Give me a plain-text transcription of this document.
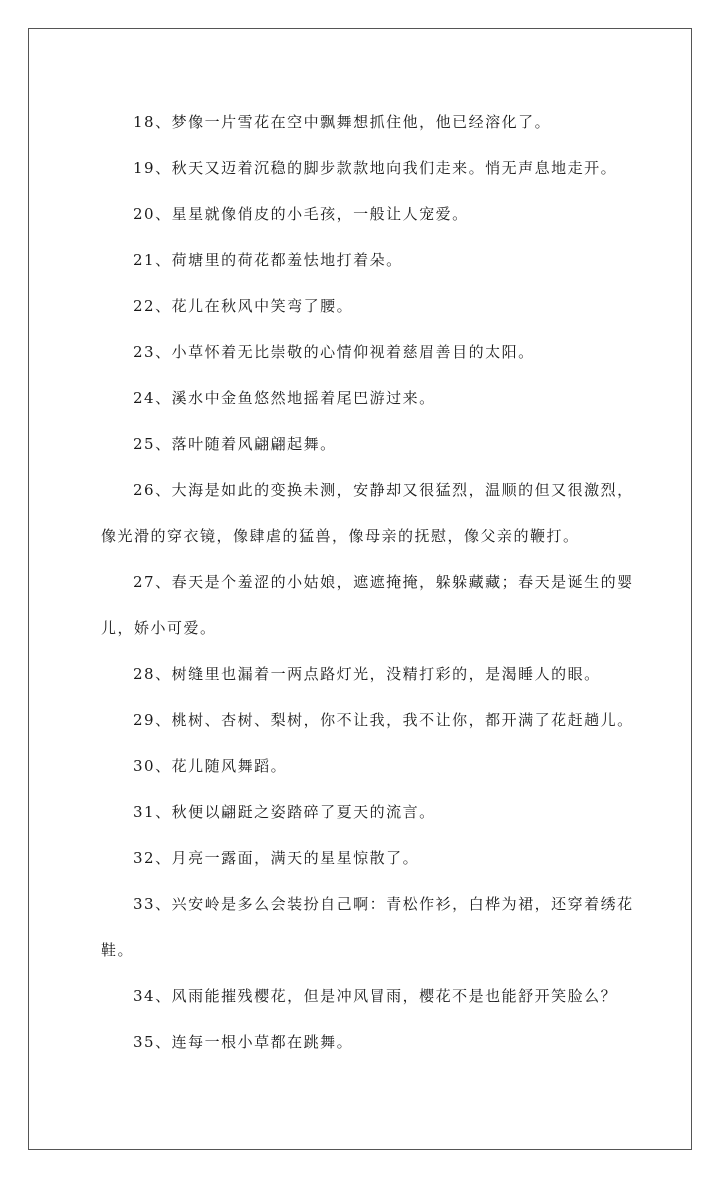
18、梦像一片雪花在空中飘舞想抓住他，他已经溶化了。

19、秋天又迈着沉稳的脚步款款地向我们走来。悄无声息地走开。

20、星星就像俏皮的小毛孩，一般让人宠爱。

21、荷塘里的荷花都羞怯地打着朵。

22、花儿在秋风中笑弯了腰。

23、小草怀着无比崇敬的心情仰视着慈眉善目的太阳。

24、溪水中金鱼悠然地摇着尾巴游过来。

25、落叶随着风翩翩起舞。

26、大海是如此的变换未测，安静却又很猛烈，温顺的但又很激烈，像光滑的穿衣镜，像肆虐的猛兽，像母亲的抚慰，像父亲的鞭打。

27、春天是个羞涩的小姑娘，遮遮掩掩，躲躲藏藏；春天是诞生的婴儿，娇小可爱。

28、树缝里也漏着一两点路灯光，没精打彩的，是渴睡人的眼。

29、桃树、杏树、梨树，你不让我，我不让你，都开满了花赶趟儿。

30、花儿随风舞蹈。

31、秋便以翩跹之姿踏碎了夏天的流言。

32、月亮一露面，满天的星星惊散了。

33、兴安岭是多么会装扮自己啊：青松作衫，白桦为裙，还穿着绣花鞋。

34、风雨能摧残樱花，但是冲风冒雨，樱花不是也能舒开笑脸么？

35、连每一根小草都在跳舞。
